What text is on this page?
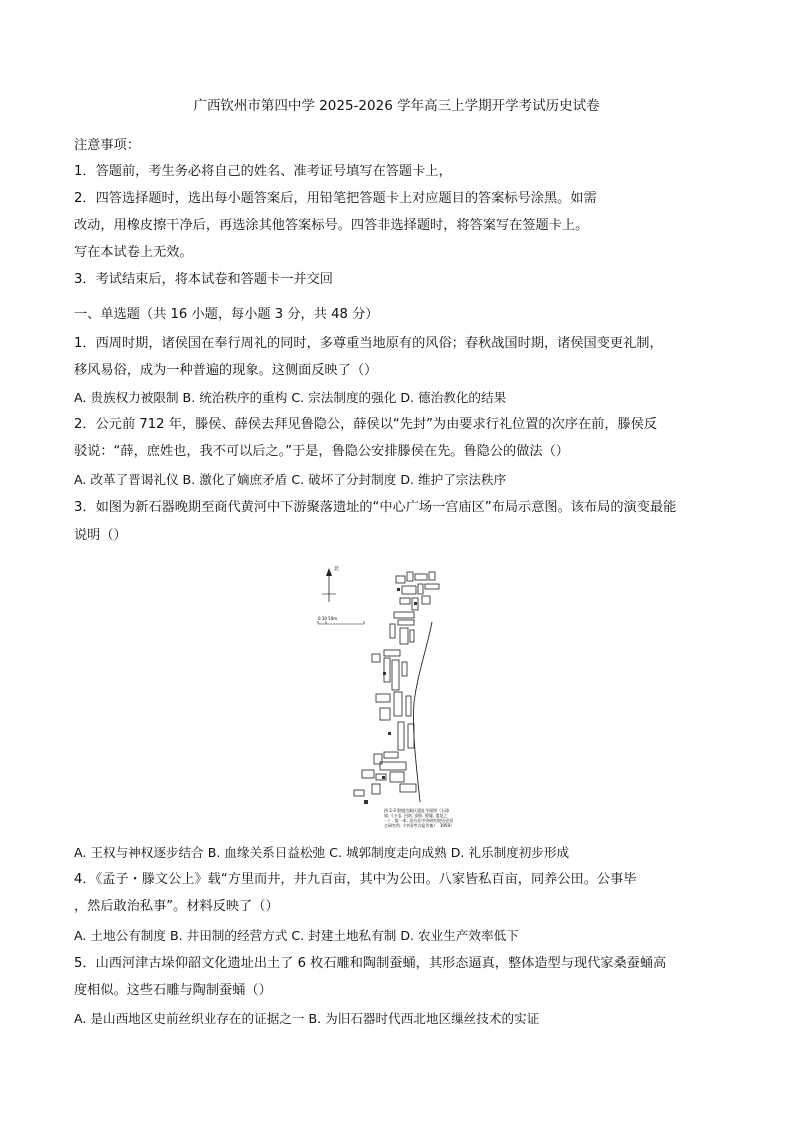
广西钦州市第四中学 2025-2026 学年高三上学期开学考试历史试卷
注意事项：
1．答题前，考生务必将自己的姓名、准考证号填写在答题卡上，
2．四答选择题时，选出每小题答案后，用铅笔把答题卡上对应题目的答案标号涂黑。如需
改动，用橡皮擦干净后，再选涂其他答案标号。四答非选择题时，将答案写在签题卡上。
写在本试卷上无效。
3．考试结束后，将本试卷和答题卡一并交回
一、单选题（共 16 小题，每小题 3 分，共 48 分）
1．西周时期，诸侯国在奉行周礼的同时，多尊重当地原有的风俗；春秋战国时期，诸侯国变更礼制，
移风易俗，成为一种普遍的现象。这侧面反映了（）
A. 贵族权力被限制 B. 统治秩序的重构 C. 宗法制度的强化 D. 德治教化的结果
2．公元前 712 年，滕侯、薛侯去拜见鲁隐公，薛侯以“先封”为由要求行礼位置的次序在前，滕侯反
驳说：“薛，庶姓也，我不可以后之。”于是，鲁隐公安排滕侯在先。鲁隐公的做法（）
A. 改革了晋谒礼仪 B. 激化了嫡庶矛盾 C. 破坏了分封制度 D. 维护了宗法秩序
3．如图为新石器晚期至商代黄河中下游聚落遗址的“中心广场一宫庙区”布局示意图。该布局的演变最能
说明（）
北
0 10 50m
图 2-3 殷墟宫殿区遗址平面图（石璋
如.《小屯. 河南. 安阳. 殷墟. 遗址之
一》. 第一本. 见台北中央研究院历史语
言研究所.《中国考古报告集》. 1959）
A. 王权与神权逐步结合 B. 血缘关系日益松弛 C. 城郭制度走向成熟 D. 礼乐制度初步形成
4．《孟子・滕文公上》载“方里而井，井九百亩，其中为公田。八家皆私百亩，同养公田。公事毕
，然后敢治私事”。材料反映了（）
A. 土地公有制度 B. 井田制的经营方式 C. 封建土地私有制 D. 农业生产效率低下
5．山西河津古垛仰韶文化遗址出土了 6 枚石雕和陶制蚕蛹，其形态逼真，整体造型与现代家桑蚕蛹高
度相似。这些石雕与陶制蚕蛹（）
A. 是山西地区史前丝织业存在的证据之一 B. 为旧石器时代西北地区缫丝技术的实证
